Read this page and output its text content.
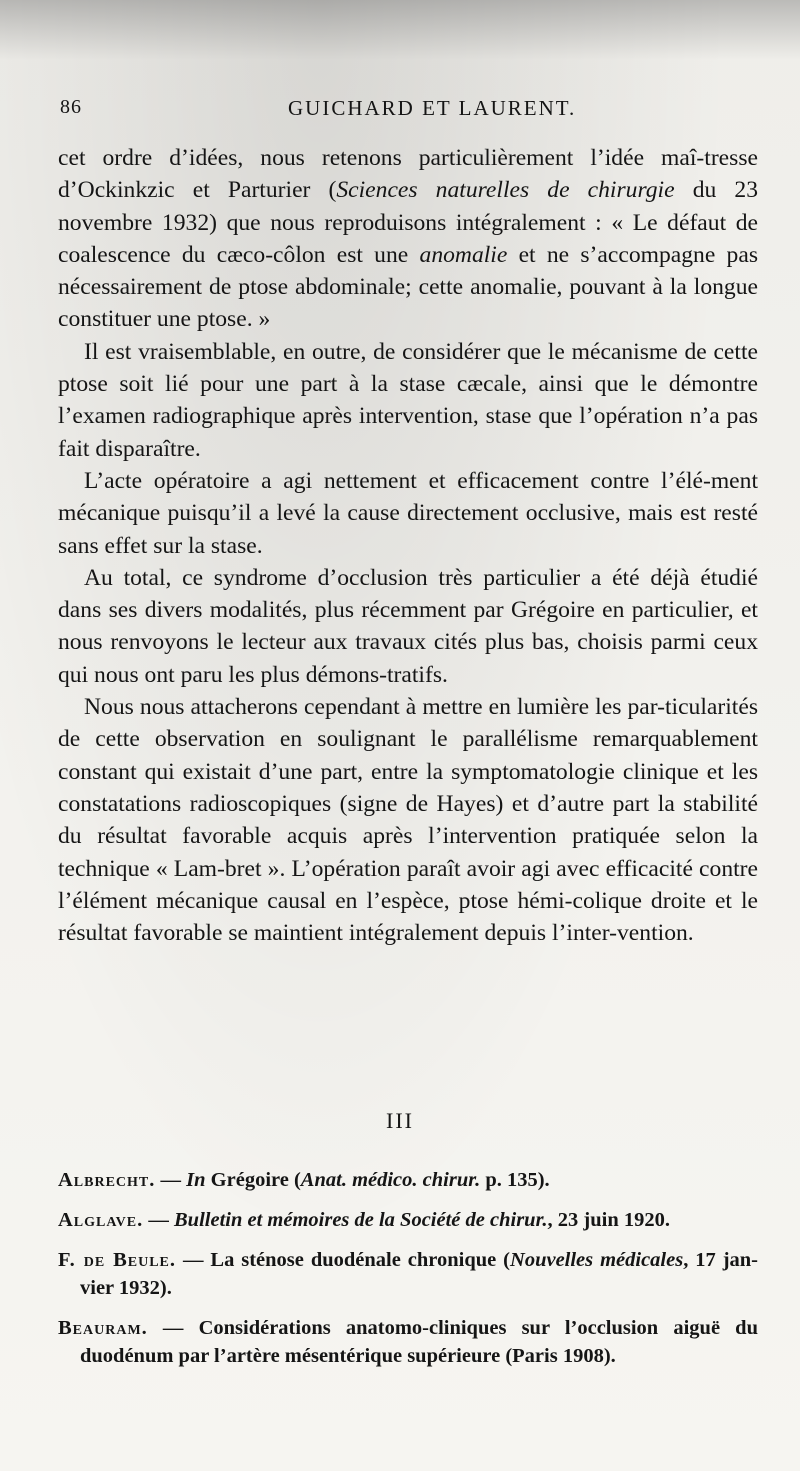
86	GUICHARD ET LAURENT.

cet ordre d’idées, nous retenons particulièrement l’idée maî-tresse d’Ockinkzic et Parturier (Sciences naturelles de chirurgie du 23 novembre 1932) que nous reproduisons intégralement : « Le défaut de coalescence du cæco-côlon est une anomalie et ne s’accompagne pas nécessairement de ptose abdominale; cette anomalie, pouvant à la longue constituer une ptose. »

Il est vraisemblable, en outre, de considérer que le mécanisme de cette ptose soit lié pour une part à la stase cæcale, ainsi que le démontre l’examen radiographique après intervention, stase que l’opération n’a pas fait disparaître.

L’acte opératoire a agi nettement et efficacement contre l’élé-ment mécanique puisqu’il a levé la cause directement occlusive, mais est resté sans effet sur la stase.

Au total, ce syndrome d’occlusion très particulier a été déjà étudié dans ses divers modalités, plus récemment par Grégoire en particulier, et nous renvoyons le lecteur aux travaux cités plus bas, choisis parmi ceux qui nous ont paru les plus démons-tratifs.

Nous nous attacherons cependant à mettre en lumière les par-ticularités de cette observation en soulignant le parallélisme remarquablement constant qui existait d’une part, entre la symptomatologie clinique et les constatations radioscopiques (signe de Hayes) et d’autre part la stabilité du résultat favorable acquis après l’intervention pratiquée selon la technique « Lam-bret ». L’opération paraît avoir agi avec efficacité contre l’élément mécanique causal en l’espèce, ptose hémi-colique droite et le résultat favorable se maintient intégralement depuis l’inter-vention.

III

Albrecht. — In Grégoire (Anat. médico. chirur. p. 135).

Alglave. — Bulletin et mémoires de la Société de chirur., 23 juin 1920.

F. de Beule. — La sténose duodénale chronique (Nouvelles médicales, 17 jan-vier 1932).

Beauram. — Considérations anatomo-cliniques sur l’occlusion aiguë du duodénum par l’artère mésentérique supérieure (Paris 1908).
